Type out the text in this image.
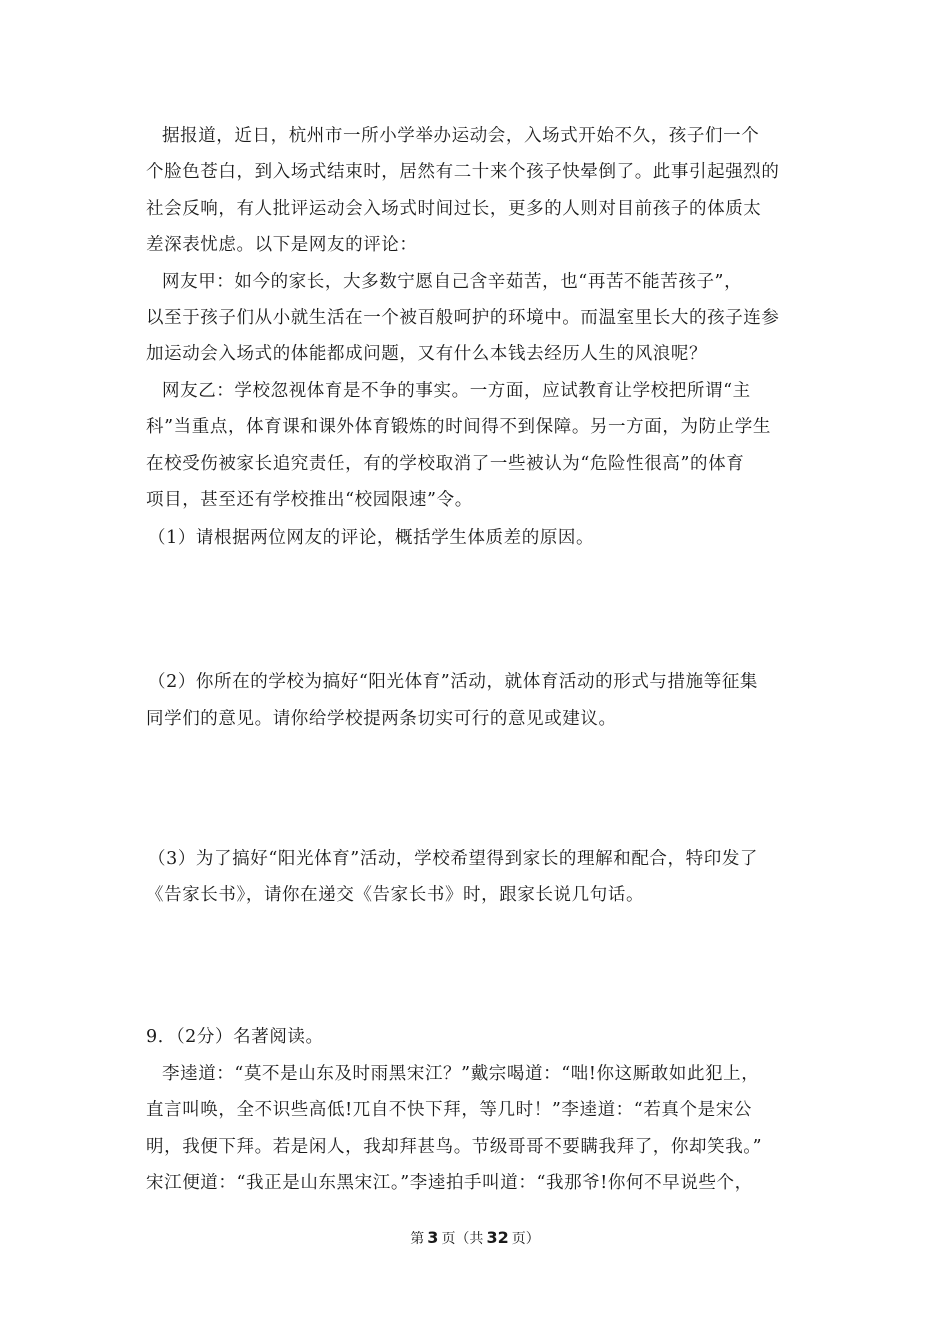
据报道，近日，杭州市一所小学举办运动会，入场式开始不久，孩子们一个
个脸色苍白，到入场式结束时，居然有二十来个孩子快晕倒了。此事引起强烈的
社会反响，有人批评运动会入场式时间过长，更多的人则对目前孩子的体质太
差深表忧虑。以下是网友的评论：
网友甲：如今的家长，大多数宁愿自己含辛茹苦，也“再苦不能苦孩子”，
以至于孩子们从小就生活在一个被百般呵护的环境中。而温室里长大的孩子连参
加运动会入场式的体能都成问题，又有什么本钱去经历人生的风浪呢？
网友乙：学校忽视体育是不争的事实。一方面，应试教育让学校把所谓“主
科”当重点，体育课和课外体育锻炼的时间得不到保障。另一方面，为防止学生
在校受伤被家长追究责任，有的学校取消了一些被认为“危险性很高”的体育
项目，甚至还有学校推出“校园限速”令。
（1）请根据两位网友的评论，概括学生体质差的原因。
（2）你所在的学校为搞好“阳光体育”活动，就体育活动的形式与措施等征集
同学们的意见。请你给学校提两条切实可行的意见或建议。
（3）为了搞好“阳光体育”活动，学校希望得到家长的理解和配合，特印发了
《告家长书》，请你在递交《告家长书》时，跟家长说几句话。
9．（2分）名著阅读。
李逵道：“莫不是山东及时雨黑宋江？”戴宗喝道：“咄!你这厮敢如此犯上，
直言叫唤，全不识些高低!兀自不快下拜，等几时！”李逵道：“若真个是宋公
明，我便下拜。若是闲人，我却拜甚鸟。节级哥哥不要瞒我拜了，你却笑我。”
宋江便道：“我正是山东黑宋江。”李逵拍手叫道：“我那爷!你何不早说些个，
第 3 页（共 32 页）
